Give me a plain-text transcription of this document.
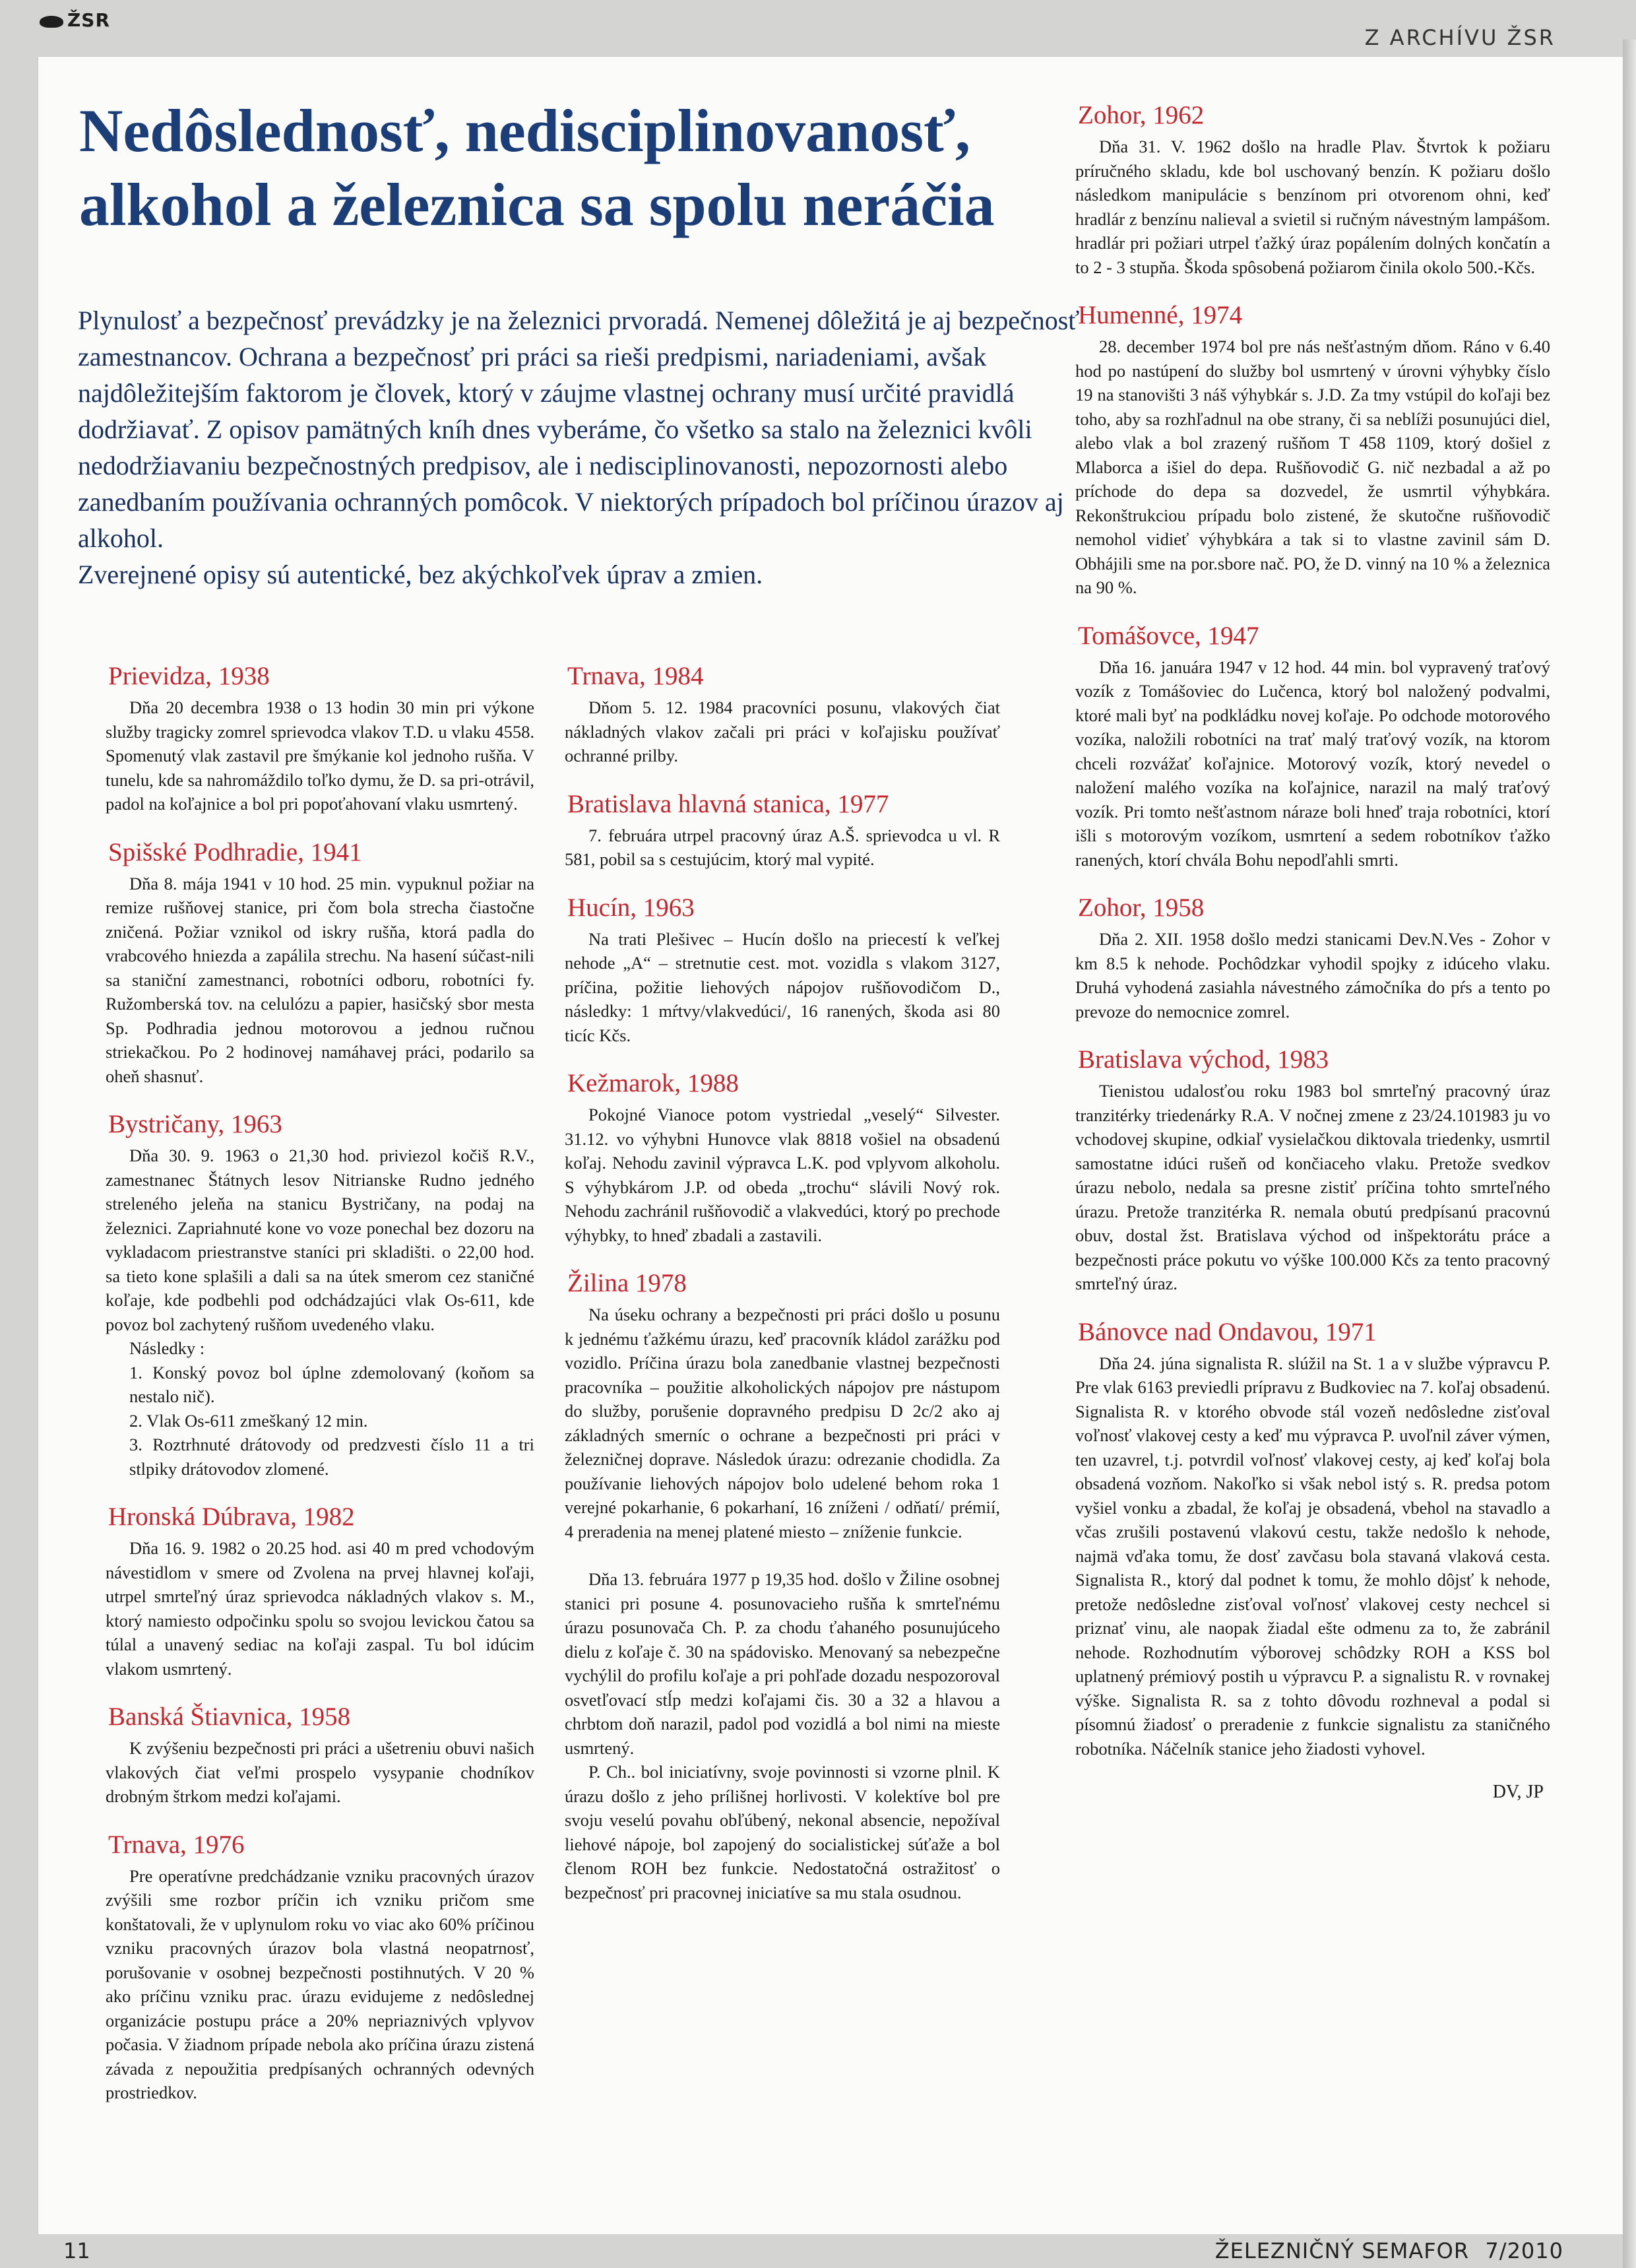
ŽSR
Z ARCHÍVU ŽSR
Nedôslednosť, nedisciplinovanosť,
alkohol a železnica sa spolu neráčia

Plynulosť a bezpečnosť prevádzky je na železnici prvoradá. Nemenej dôležitá je aj bezpečnosť zamestnancov. Ochrana a bezpečnosť pri práci sa rieši predpismi, nariadeniami, avšak najdôležitejším faktorom je človek, ktorý v záujme vlastnej ochrany musí určité pravidlá dodržiavať. Z opisov pamätných kníh dnes vyberáme, čo všetko sa stalo na železnici kvôli nedodržiavaniu bezpečnostných predpisov, ale i nedisciplinovanosti, nepozornosti alebo zanedbaním používania ochranných pomôcok. V niektorých prípadoch bol príčinou úrazov aj alkohol.

Zverejnené opisy sú autentické, bez akýchkoľvek úprav a zmien.

Prievidza, 1938

Dňa 20 decembra 1938 o 13 hodin 30 min pri výkone služby tragicky zomrel sprievodca vlakov T.D. u vlaku 4558. Spomenutý vlak zastavil pre šmýkanie kol jednoho rušňa. V tunelu, kde sa nahromáždilo toľko dymu, že D. sa pri-otrávil, padol na koľajnice a bol pri popoťahovaní vlaku usmrtený.

Spišské Podhradie, 1941

Dňa 8. mája 1941 v 10 hod. 25 min. vypuknul požiar na remize rušňovej stanice, pri čom bola strecha čiastočne zničená. Požiar vznikol od iskry rušňa, ktorá padla do vrabcového hniezda a zapálila strechu. Na hasení súčast-nili sa staniční zamestnanci, robotníci odboru, robotníci fy. Ružomberská tov. na celulózu a papier, hasičský sbor mesta Sp. Podhradia jednou motorovou a jednou ručnou striekačkou. Po 2 hodinovej namáhavej práci, podarilo sa oheň shasnuť.

Bystričany, 1963

Dňa 30. 9. 1963 o 21,30 hod. priviezol kočiš R.V., zamestnanec Štátnych lesov Nitrianske Rudno jedného streleného jeleňa na stanicu Bystričany, na podaj na železnici. Zapriahnuté kone vo voze ponechal bez dozoru na vykladacom priestranstve staníci pri skladišti. o 22,00 hod. sa tieto kone splašili a dali sa na útek smerom cez staničné koľaje, kde podbehli pod odchádzajúci vlak Os-611, kde povoz bol zachytený rušňom uvedeného vlaku.

Následky :

1. Konský povoz bol úplne zdemolovaný (koňom sa nestalo nič).

2. Vlak Os-611 zmeškaný 12 min.

3. Roztrhnuté drátovody od predzvesti číslo 11 a tri stlpiky drátovodov zlomené.

Hronská Dúbrava, 1982

Dňa 16. 9. 1982 o 20.25 hod. asi 40 m pred vchodovým návestidlom v smere od Zvolena na prvej hlavnej koľaji, utrpel smrteľný úraz sprievodca nákladných vlakov s. M., ktorý namiesto odpočinku spolu so svojou levickou čatou sa túlal a unavený sediac na koľaji zaspal. Tu bol idúcim vlakom usmrtený.

Banská Štiavnica, 1958

K zvýšeniu bezpečnosti pri práci a ušetreniu obuvi našich vlakových čiat veľmi prospelo vysypanie chodníkov drobným štrkom medzi koľajami.

Trnava, 1976

Pre operatívne predchádzanie vzniku pracovných úrazov zvýšili sme rozbor príčin ich vzniku pričom sme konštatovali, že v uplynulom roku vo viac ako 60% príčinou vzniku pracovných úrazov bola vlastná neopatrnosť, porušovanie v osobnej bezpečnosti postihnutých. V 20 % ako príčinu vzniku prac. úrazu evidujeme z nedôslednej organizácie postupu práce a 20% nepriaznivých vplyvov počasia. V žiadnom prípade nebola ako príčina úrazu zistená závada z nepoužitia predpísaných ochranných odevných prostriedkov.

Trnava, 1984

Dňom 5. 12. 1984 pracovníci posunu, vlakových čiat nákladných vlakov začali pri práci v koľajisku používať ochranné prilby.

Bratislava hlavná stanica, 1977

7. februára utrpel pracovný úraz A.Š. sprievodca u vl. R 581, pobil sa s cestujúcim, ktorý mal vypité.

Hucín, 1963

Na trati Plešivec – Hucín došlo na priecestí k veľkej nehode „A“ – stretnutie cest. mot. vozidla s vlakom 3127, príčina, požitie liehových nápojov rušňovodičom D., následky: 1 mŕtvy/vlakvedúci/, 16 ranených, škoda asi 80 ticíc Kčs.

Kežmarok, 1988

Pokojné Vianoce potom vystriedal „veselý“ Silvester. 31.12. vo výhybni Hunovce vlak 8818 vošiel na obsadenú koľaj. Nehodu zavinil výpravca L.K. pod vplyvom alkoholu. S výhybkárom J.P. od obeda „trochu“ slávili Nový rok. Nehodu zachránil rušňovodič a vlakvedúci, ktorý po prechode výhybky, to hneď zbadali a zastavili.

Žilina 1978

Na úseku ochrany a bezpečnosti pri práci došlo u posunu k jednému ťažkému úrazu, keď pracovník kládol zarážku pod vozidlo. Príčina úrazu bola zanedbanie vlastnej bezpečnosti pracovníka – použitie alkoholických nápojov pre nástupom do služby, porušenie dopravného predpisu D 2c/2 ako aj základných smerníc o ochrane a bezpečnosti pri práci v železničnej doprave. Následok úrazu: odrezanie chodidla. Za používanie liehových nápojov bolo udelené behom roka 1 verejné pokarhanie, 6 pokarhaní, 16 zníženi / odňatí/ prémií, 4 preradenia na menej platené miesto – zníženie funkcie.

Dňa 13. februára 1977 p 19,35 hod. došlo v Žiline osobnej stanici pri posune 4. posunovacieho rušňa k smrteľnému úrazu posunovača Ch. P. za chodu ťahaného posunujúceho dielu z koľaje č. 30 na spádovisko. Menovaný sa nebezpečne vychýlil do profilu koľaje a pri pohľade dozadu nespozoroval osvetľovací stĺp medzi koľajami čis. 30 a 32 a hlavou a chrbtom doň narazil, padol pod vozidlá a bol nimi na mieste usmrtený.

P. Ch.. bol iniciatívny, svoje povinnosti si vzorne plnil. K úrazu došlo z jeho prílišnej horlivosti. V kolektíve bol pre svoju veselú povahu obľúbený, nekonal absencie, nepožíval liehové nápoje, bol zapojený do socialistickej súťaže a bol členom ROH bez funkcie. Nedostatočná ostražitosť o bezpečnosť pri pracovnej iniciatíve sa mu stala osudnou.

Zohor, 1962

Dňa 31. V. 1962 došlo na hradle Plav. Štvrtok k požiaru príručného skladu, kde bol uschovaný benzín. K požiaru došlo následkom manipulácie s benzínom pri otvorenom ohni, keď hradlár z benzínu nalieval a svietil si ručným návestným lampášom. hradlár pri požiari utrpel ťažký úraz popálením dolných končatín a to 2 - 3 stupňa. Škoda spôsobená požiarom činila okolo 500.-Kčs.

Humenné, 1974

28. december 1974 bol pre nás nešťastným dňom. Ráno v 6.40 hod po nastúpení do služby bol usmrtený v úrovni výhybky číslo 19 na stanovišti 3 náš výhybkár s. J.D. Za tmy vstúpil do koľaji bez toho, aby sa rozhľadnul na obe strany, či sa neblíži posunujúci diel, alebo vlak a bol zrazený rušňom T 458 1109, ktorý došiel z Mlaborca a išiel do depa. Rušňovodič G. nič nezbadal a až po príchode do depa sa dozvedel, že usmrtil výhybkára. Rekonštrukciou prípadu bolo zistené, že skutočne rušňovodič nemohol vidieť výhybkára a tak si to vlastne zavinil sám D. Obhájili sme na por.sbore nač. PO, že D. vinný na 10 % a železnica na 90 %.

Tomášovce, 1947

Dňa 16. januára 1947 v 12 hod. 44 min. bol vypravený traťový vozík z Tomášoviec do Lučenca, ktorý bol naložený podvalmi, ktoré mali byť na podkládku novej koľaje. Po odchode motorového vozíka, naložili robotníci na trať malý traťový vozík, na ktorom chceli rozvážať koľajnice. Motorový vozík, ktorý nevedel o naložení malého vozíka na koľajnice, narazil na malý traťový vozík. Pri tomto nešťastnom náraze boli hneď traja robotníci, ktorí išli s motorovým vozíkom, usmrtení a sedem robotníkov ťažko ranených, ktorí chvála Bohu nepodľahli smrti.

Zohor, 1958

Dňa 2. XII. 1958 došlo medzi stanicami Dev.N.Ves - Zohor v km 8.5 k nehode. Pochôdzkar vyhodil spojky z idúceho vlaku. Druhá vyhodená zasiahla návestného zámočníka do pŕs a tento po prevoze do nemocnice zomrel.

Bratislava východ, 1983

Tienistou udalosťou roku 1983 bol smrteľný pracovný úraz tranzitérky triedenárky R.A. V nočnej zmene z 23/24.101983 ju vo vchodovej skupine, odkiaľ vysielačkou diktovala triedenky, usmrtil samostatne idúci rušeň od končiaceho vlaku. Pretože svedkov úrazu nebolo, nedala sa presne zistiť príčina tohto smrteľného úrazu. Pretože tranzitérka R. nemala obutú predpísanú pracovnú obuv, dostal žst. Bratislava východ od inšpektorátu práce a bezpečnosti práce pokutu vo výške 100.000 Kčs za tento pracovný smrteľný úraz.

Bánovce nad Ondavou, 1971

Dňa 24. júna signalista R. slúžil na St. 1 a v službe výpravcu P. Pre vlak 6163 previedli prípravu z Budkoviec na 7. koľaj obsadenú. Signalista R. v ktorého obvode stál vozeň nedôsledne zisťoval voľnosť vlakovej cesty a keď mu výpravca P. uvoľnil záver výmen, ten uzavrel, t.j. potvrdil voľnosť vlakovej cesty, aj keď koľaj bola obsadená vozňom. Nakoľko si však nebol istý s. R. predsa potom vyšiel vonku a zbadal, že koľaj je obsadená, vbehol na stavadlo a včas zrušili postavenú vlakovú cestu, takže nedošlo k nehode, najmä vďaka tomu, že dosť zavčasu bola stavaná vlaková cesta. Signalista R., ktorý dal podnet k tomu, že mohlo dôjsť k nehode, pretože nedôsledne zisťoval voľnosť vlakovej cesty nechcel si priznať vinu, ale naopak žiadal ešte odmenu za to, že zabránil nehode. Rozhodnutím výborovej schôdzky ROH a KSS bol uplatnený prémiový postih u výpravcu P. a signalistu R. v rovnakej výške. Signalista R. sa z tohto dôvodu rozhneval a podal si písomnú žiadosť o preradenie z funkcie signalistu za staničného robotníka. Náčelník stanice jeho žiadosti vyhovel.

DV, JP
11	ŽELEZNIČNÝ SEMAFOR 7/2010
